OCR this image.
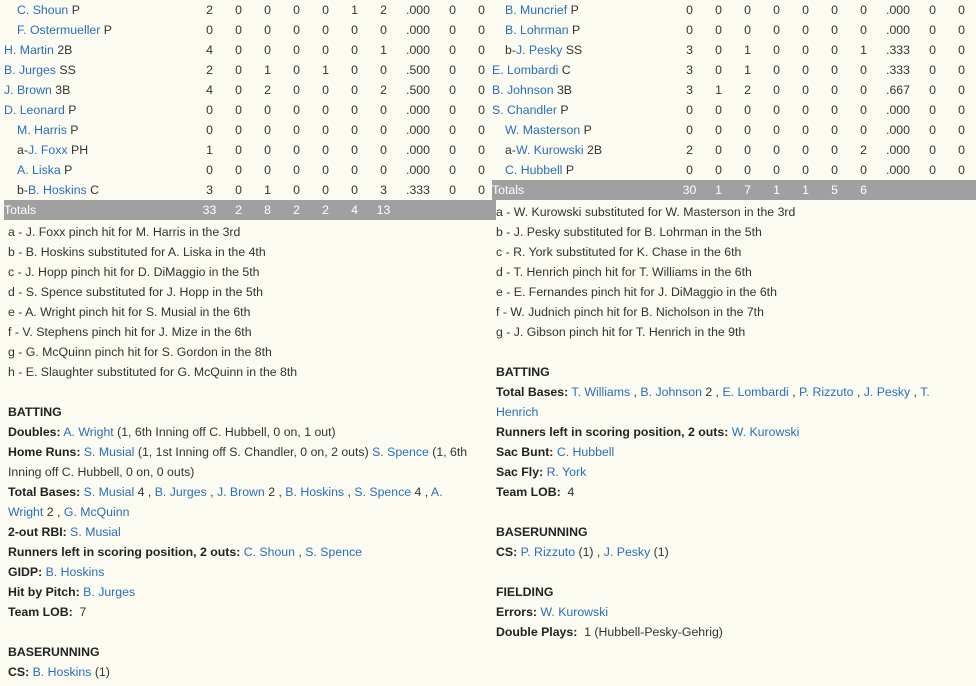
C. Shoun P	2	0	0	0	0	1	2	.000	0	0
F. Ostermueller P	0	0	0	0	0	0	0	.000	0	0
H. Martin 2B	4	0	0	0	0	0	1	.000	0	0
B. Jurges SS	2	0	1	0	1	0	0	.500	0	0
J. Brown 3B	4	0	2	0	0	0	2	.500	0	0
D. Leonard P	0	0	0	0	0	0	0	.000	0	0
M. Harris P	0	0	0	0	0	0	0	.000	0	0
a-J. Foxx PH	1	0	0	0	0	0	0	.000	0	0
A. Liska P	0	0	0	0	0	0	0	.000	0	0
b-B. Hoskins C	3	0	1	0	0	0	3	.333	0	0
Totals	33	2	8	2	2	4	13			
a - J. Foxx pinch hit for M. Harris in the 3rd
b - B. Hoskins substituted for A. Liska in the 4th
c - J. Hopp pinch hit for D. DiMaggio in the 5th
d - S. Spence substituted for J. Hopp in the 5th
e - A. Wright pinch hit for S. Musial in the 6th
f - V. Stephens pinch hit for J. Mize in the 6th
g - G. McQuinn pinch hit for S. Gordon in the 8th
h - E. Slaughter substituted for G. McQuinn in the 8th
BATTING
Doubles: A. Wright (1, 6th Inning off C. Hubbell, 0 on, 1 out)
Home Runs: S. Musial (1, 1st Inning off S. Chandler, 0 on, 2 outs) S. Spence (1, 6th Inning off C. Hubbell, 0 on, 0 outs)
Total Bases: S. Musial 4 , B. Jurges , J. Brown 2 , B. Hoskins , S. Spence 4 , A. Wright 2 , G. McQuinn
2-out RBI: S. Musial
Runners left in scoring position, 2 outs: C. Shoun , S. Spence
GIDP: B. Hoskins
Hit by Pitch: B. Jurges
Team LOB: 7
BASERUNNING
CS: B. Hoskins (1)
B. Muncrief P	0	0	0	0	0	0	0	.000	0	0
B. Lohrman P	0	0	0	0	0	0	0	.000	0	0
b-J. Pesky SS	3	0	1	0	0	0	1	.333	0	0
E. Lombardi C	3	0	1	0	0	0	0	.333	0	0
B. Johnson 3B	3	1	2	0	0	0	0	.667	0	0
S. Chandler P	0	0	0	0	0	0	0	.000	0	0
W. Masterson P	0	0	0	0	0	0	0	.000	0	0
a-W. Kurowski 2B	2	0	0	0	0	0	2	.000	0	0
C. Hubbell P	0	0	0	0	0	0	0	.000	0	0
Totals	30	1	7	1	1	5	6			
a - W. Kurowski substituted for W. Masterson in the 3rd
b - J. Pesky substituted for B. Lohrman in the 5th
c - R. York substituted for K. Chase in the 6th
d - T. Henrich pinch hit for T. Williams in the 6th
e - E. Fernandes pinch hit for J. DiMaggio in the 6th
f - W. Judnich pinch hit for B. Nicholson in the 7th
g - J. Gibson pinch hit for T. Henrich in the 9th
BATTING
Total Bases: T. Williams , B. Johnson 2 , E. Lombardi , P. Rizzuto , J. Pesky , T. Henrich
Runners left in scoring position, 2 outs: W. Kurowski
Sac Bunt: C. Hubbell
Sac Fly: R. York
Team LOB: 4
BASERUNNING
CS: P. Rizzuto (1) , J. Pesky (1)
FIELDING
Errors: W. Kurowski
Double Plays: 1 (Hubbell-Pesky-Gehrig)
